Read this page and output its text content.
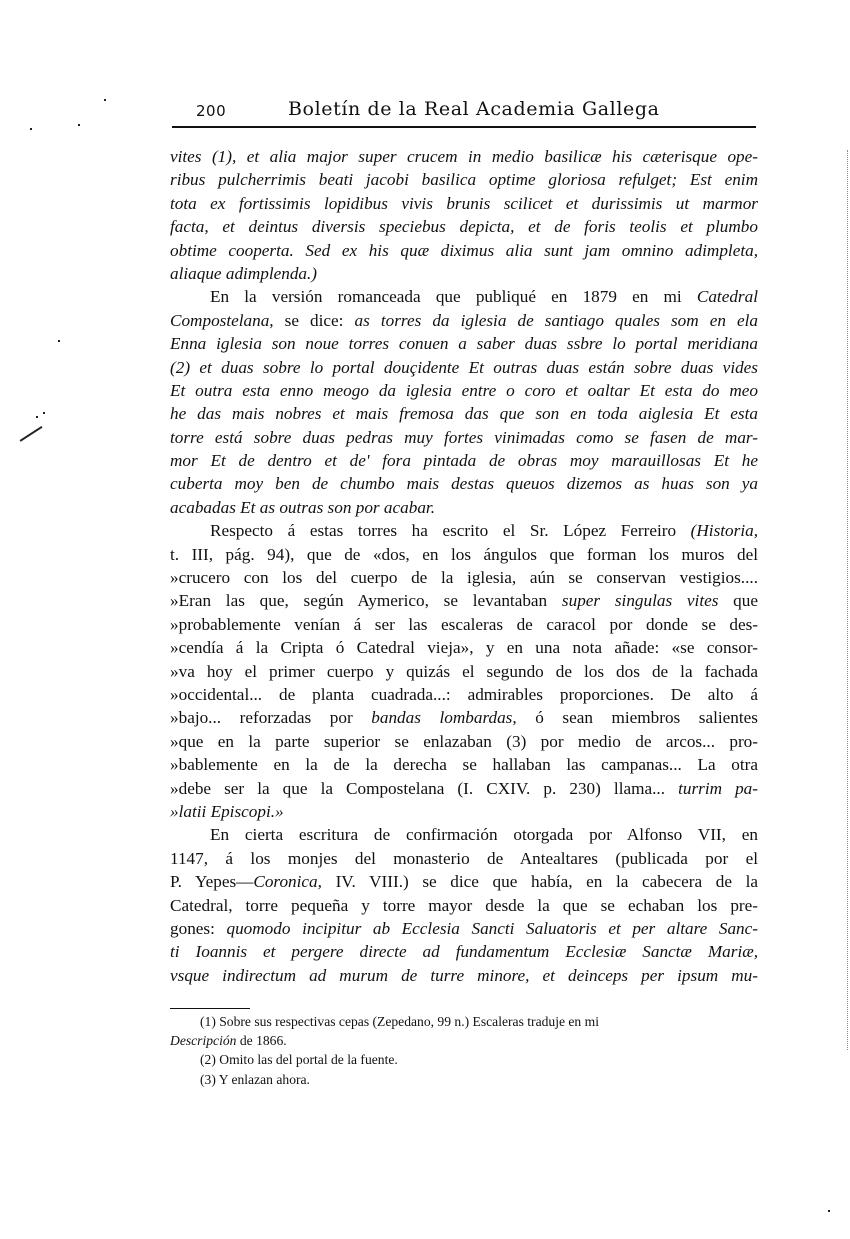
200	Boletín de la Real Academia Gallega
vites (1), et alia major super crucem in medio basilicæ his cæterisque ope-
ribus pulcherrimis beati jacobi basilica optime gloriosa refulget; Est enim
tota ex fortissimis lopidibus vivis brunis scilicet et durissimis ut marmor
facta, et deintus diversis speciebus depicta, et de foris teolis et plumbo
obtime cooperta. Sed ex his quæ diximus alia sunt jam omnino adimpleta,
aliaque adimplenda.)
En la versión romanceada que publiqué en 1879 en mi Catedral
Compostelana, se dice: as torres da iglesia de santiago quales som en ela
Enna iglesia son noue torres conuen a saber duas ssbre lo portal meridiana
(2) et duas sobre lo portal douçidente Et outras duas están sobre duas vides
Et outra esta enno meogo da iglesia entre o coro et oaltar Et esta do meo
he das mais nobres et mais fremosa das que son en toda aiglesia Et esta
torre está sobre duas pedras muy fortes vinimadas como se fasen de mar-
mor Et de dentro et de' fora pintada de obras moy marauillosas Et he
cuberta moy ben de chumbo mais destas queuos dizemos as huas son ya
acabadas Et as outras son por acabar.
Respecto á estas torres ha escrito el Sr. López Ferreiro (Historia,
t. III, pág. 94), que de «dos, en los ángulos que forman los muros del
»crucero con los del cuerpo de la iglesia, aún se conservan vestigios....
»Eran las que, según Aymerico, se levantaban super singulas vites que
»probablemente venían á ser las escaleras de caracol por donde se des-
»cendía á la Cripta ó Catedral vieja», y en una nota añade: «se consor-
»va hoy el primer cuerpo y quizás el segundo de los dos de la fachada
»occidental... de planta cuadrada...: admirables proporciones. De alto á
»bajo... reforzadas por bandas lombardas, ó sean miembros salientes
»que en la parte superior se enlazaban (3) por medio de arcos... pro-
»bablemente en la de la derecha se hallaban las campanas... La otra
»debe ser la que la Compostelana (I. CXIV. p. 230) llama... turrim pa-
»latii Episcopi.»
En cierta escritura de confirmación otorgada por Alfonso VII, en
1147, á los monjes del monasterio de Antealtares (publicada por el
P. Yepes—Coronica, IV. VIII.) se dice que había, en la cabecera de la
Catedral, torre pequeña y torre mayor desde la que se echaban los pre-
gones: quomodo incipitur ab Ecclesia Sancti Saluatoris et per altare Sanc-
ti Ioannis et pergere directe ad fundamentum Ecclesiæ Sanctæ Mariæ,
vsque indirectum ad murum de turre minore, et deinceps per ipsum mu-
(1) Sobre sus respectivas cepas (Zepedano, 99 n.) Escaleras traduje en mi
Descripción de 1866.
(2) Omito las del portal de la fuente.
(3) Y enlazan ahora.
